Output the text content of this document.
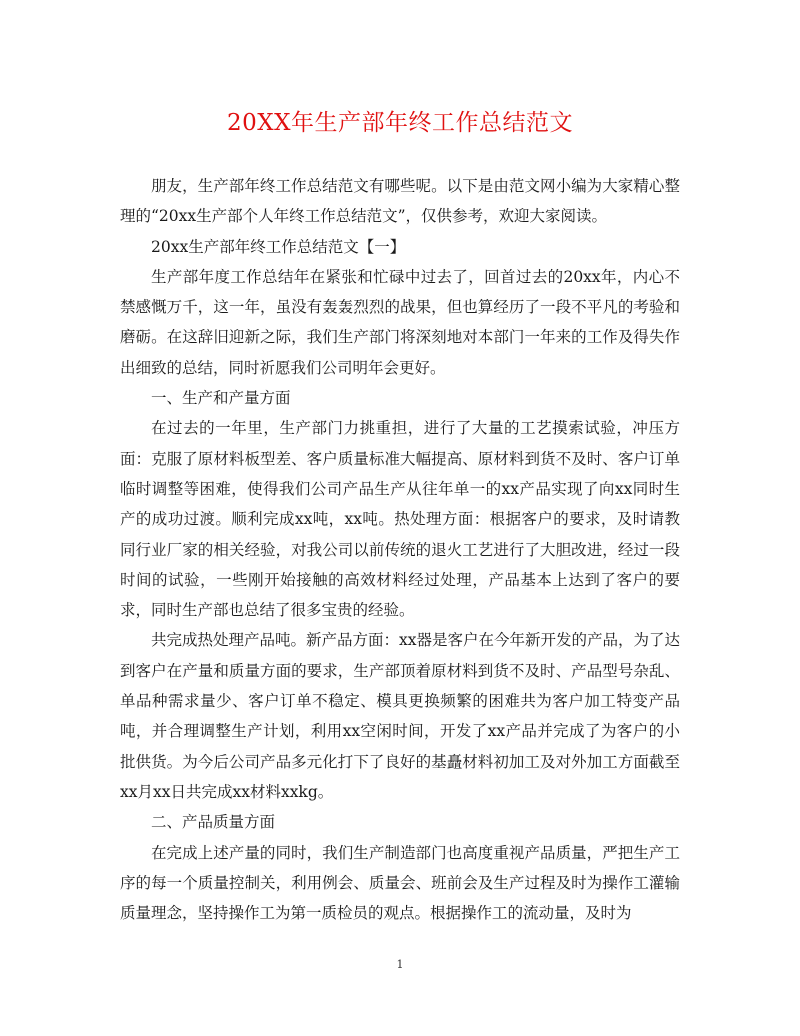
20XX年生产部年终工作总结范文

朋友，生产部年终工作总结范文有哪些呢。以下是由范文网小编为大家精心整理的“20xx生产部个人年终工作总结范文”，仅供参考，欢迎大家阅读。

20xx生产部年终工作总结范文【一】

生产部年度工作总结年在紧张和忙碌中过去了，回首过去的20xx年，内心不禁感慨万千，这一年，虽没有轰轰烈烈的战果，但也算经历了一段不平凡的考验和磨砺。在这辞旧迎新之际，我们生产部门将深刻地对本部门一年来的工作及得失作出细致的总结，同时祈愿我们公司明年会更好。

一、生产和产量方面

在过去的一年里，生产部门力挑重担，进行了大量的工艺摸索试验，冲压方面：克服了原材料板型差、客户质量标准大幅提高、原材料到货不及时、客户订单临时调整等困难，使得我们公司产品生产从往年单一的xx产品实现了向xx同时生产的成功过渡。顺利完成xx吨，xx吨。热处理方面：根据客户的要求，及时请教同行业厂家的相关经验，对我公司以前传统的退火工艺进行了大胆改进，经过一段时间的试验，一些刚开始接触的高效材料经过处理，产品基本上达到了客户的要求，同时生产部也总结了很多宝贵的经验。

共完成热处理产品吨。新产品方面：xx器是客户在今年新开发的产品，为了达到客户在产量和质量方面的要求，生产部顶着原材料到货不及时、产品型号杂乱、单品种需求量少、客户订单不稳定、模具更换频繁的困难共为客户加工特变产品吨，并合理调整生产计划，利用xx空闲时间，开发了xx产品并完成了为客户的小批供货。为今后公司产品多元化打下了良好的基矗材料初加工及对外加工方面截至xx月xx日共完成xx材料xxkg。

二、产品质量方面

在完成上述产量的同时，我们生产制造部门也高度重视产品质量，严把生产工序的每一个质量控制关，利用例会、质量会、班前会及生产过程及时为操作工灌输质量理念，坚持操作工为第一质检员的观点。根据操作工的流动量，及时为

1
